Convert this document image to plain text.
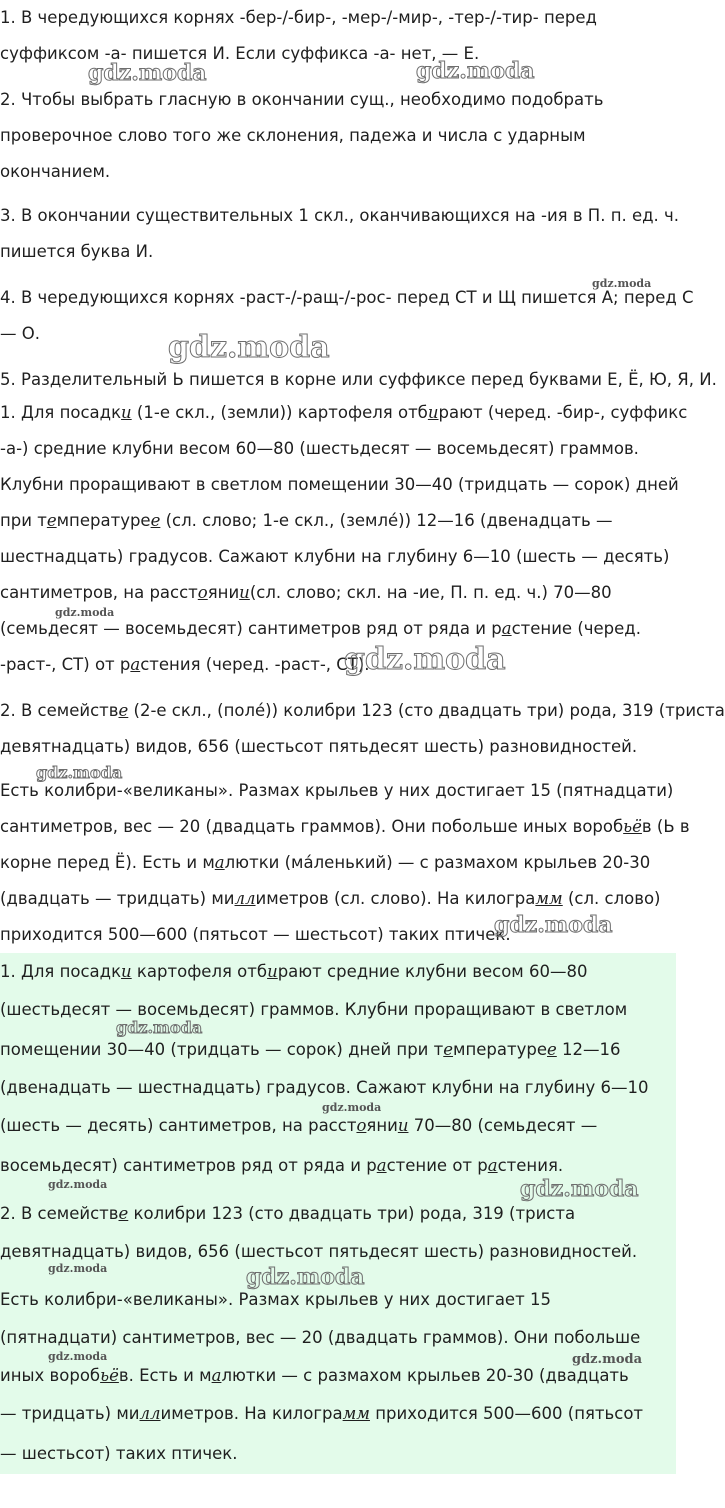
1. В чередующихся корнях -бер-/-бир-, -мер-/-мир-, -тер-/-тир- перед
суффиксом -а- пишется И. Если суффикса -а- нет, — Е.
2. Чтобы выбрать гласную в окончании сущ., необходимо подобрать
проверочное слово того же склонения, падежа и числа с ударным
окончанием.
3. В окончании существительных 1 скл., оканчивающихся на -ия в П. п. ед. ч.
пишется буква И.
4. В чередующихся корнях -раст-/-ращ-/-рос- перед СТ и Щ пишется А; перед С
— О.
5. Разделительный Ь пишется в корне или суффиксе перед буквами Е, Ё, Ю, Я, И.
1. Для посадки (1-е скл., (земли)) картофеля отбирают (черед. -бир-, суффикс
-а-) средние клубни весом 60—80 (шестьдесят — восемьдесят) граммов.
Клубни проращивают в светлом помещении 30—40 (тридцать — сорок) дней
при температурее (сл. слово; 1-е скл., (земле́)) 12—16 (двенадцать —
шестнадцать) градусов. Сажают клубни на глубину 6—10 (шесть — десять)
сантиметров, на расстоянии(сл. слово; скл. на -ие, П. п. ед. ч.) 70—80
(семьдесят — восемьдесят) сантиметров ряд от ряда и растение (черед.
-раст-, СТ) от растения (черед. -раст-, СТ).
2. В семействе (2-е скл., (поле́)) колибри 123 (сто двадцать три) рода, 319 (триста
девятнадцать) видов, 656 (шестьсот пятьдесят шесть) разновидностей.
Есть колибри-«великаны». Размах крыльев у них достигает 15 (пятнадцати)
сантиметров, вес — 20 (двадцать граммов). Они побольше иных воробьёв (Ь в
корне перед Ё). Есть и малютки (ма́ленький) — с размахом крыльев 20-30
(двадцать — тридцать) миллиметров (сл. слово). На килограмм (сл. слово)
приходится 500—600 (пятьсот — шестьсот) таких птичек.
1. Для посадки картофеля отбирают средние клубни весом 60—80
(шестьдесят — восемьдесят) граммов. Клубни проращивают в светлом
помещении 30—40 (тридцать — сорок) дней при температурее 12—16
(двенадцать — шестнадцать) градусов. Сажают клубни на глубину 6—10
(шесть — десять) сантиметров, на расстоянии 70—80 (семьдесят —
восемьдесят) сантиметров ряд от ряда и растение от растения.
2. В семействе колибри 123 (сто двадцать три) рода, 319 (триста
девятнадцать) видов, 656 (шестьсот пятьдесят шесть) разновидностей.
Есть колибри-«великаны». Размах крыльев у них достигает 15
(пятнадцати) сантиметров, вес — 20 (двадцать граммов). Они побольше
иных воробьёв. Есть и малютки — с размахом крыльев 20-30 (двадцать
— тридцать) миллиметров. На килограмм приходится 500—600 (пятьсот
— шестьсот) таких птичек.
gdz.moda	gdz.moda
gdz.moda
gdz.moda
gdz.moda
gdz.moda
gdz.moda
gdz.moda
gdz.moda
gdz.moda
gdz.moda
gdz.moda	gdz.moda
